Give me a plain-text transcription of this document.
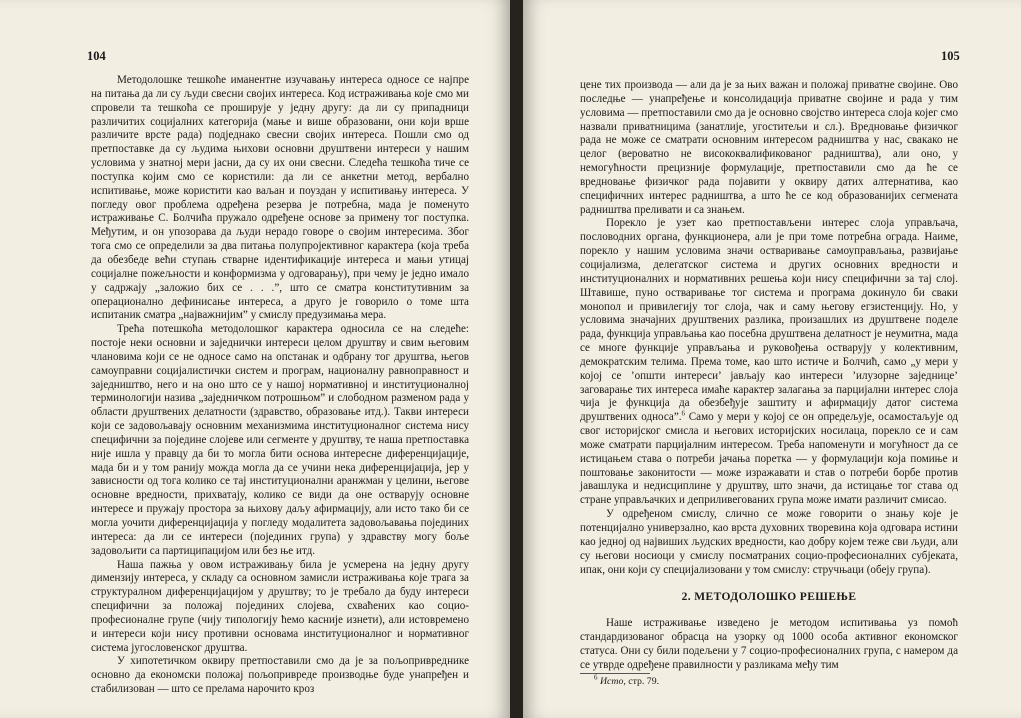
104

Методолошке тешкоће иманентне изучавању интереса односе се најпре на питања да ли су људи свесни својих интереса. Код истраживања које смо ми спровели та тешкоћа се проширује у једну другу: да ли су припадници различитих социјалних категорија (мање и више образовани, они који врше различите врсте рада) подједнако свесни својих интереса. Пошли смо од претпоставке да су људима њихови основни друштвени интереси у нашим условима у знатној мери јасни, да су их они свесни. Следећа тешкоћа тиче се поступка којим смо се користили: да ли се анкетни метод, вербално испитивање, може користити као ваљан и поуздан у испитивању интереса. У погледу овог проблема одређена резерва је потребна, мада је поменуто истраживање С. Болчића пружало одређене основе за примену тог поступка. Међутим, и он упозорава да људи нерадо говоре о својим интересима. Због тога смо се определили за два питања полупројективног карактера (која треба да обезбеде већи ступањ стварне идентификације интереса и мањи утицај социјалне пожељности и конформизма у одговарању), при чему је једно имало у садржају „заложио бих се . . .”, што се сматра конститутивним за операционално дефинисање интереса, а друго је говорило о томе шта испитаник сматра „најважнијим” у смислу предузимања мера.

Трећа потешкоћа методолошког карактера односила се на следеће: постоје неки основни и заједнички интереси целом друштву и свим његовим члановима који се не односе само на опстанак и одбрану тог друштва, његов самоуправни социјалистички систем и програм, националну равноправност и заједништво, него и на оно што се у нашој нормативној и институционалној терминологији назива „заједничком потрошњом” и слободном разменом рада у области друштвених делатности (здравство, образовање итд.). Такви интереси који се задовољавају основним механизмима институционалног система нису специфични за поједине слојеве или сегменте у друштву, те наша претпоставка није ишла у правцу да би то могла бити основа интересне диференцијације, мада би и у том ранију можда могла да се учини нека диференцијација, јер у зависности од тога колико се тај институционални аранжман у целини, његове основне вредности, прихватају, колико се види да оне остварују основне интересе и пружају простора за њихову даљу афирмацију, али исто тако би се могла уочити диференцијација у погледу модалитета задовољавања појединих интереса: да ли се интереси (појединих група) у здравству могу боље задовољити са партиципацијом или без ње итд.

Наша пажња у овом истраживању била је усмерена на једну другу димензију интереса, у складу са основном замисли истраживања које трага за структуралном диференцијацијом у друштву; то је требало да буду интереси специфични за положај појединих слојева, схваћених као социо-професионалне групе (чију типологију ћемо касније изнети), али истовремено и интереси који нису противни основама институционалног и нормативног система југословенског друштва.

У хипотетичком оквиру претпоставили смо да је за пољопривреднике основно да економски положај пољопривреде производње буде унапређен и стабилизован — што се прелама нарочито кроз

105

цене тих производа — али да је за њих важан и положај приватне својине. Ово последње — унапређење и консолидација приватне својине и рада у тим условима — претпоставили смо да је основно својство интереса слоја којег смо назвали приватницима (занатлије, угоститељи и сл.). Вредновање физичког рада не може се сматрати основним интересом радништва у нас, свакако не целог (вероватно не висококвалификованог радништва), али оно, у немогућности прецизније формулације, претпоставили смо да ће се вредновање физичког рада појавити у оквиру датих алтернатива, као специфичних интерес радништва, а што ће се код образованијих сегмената радништва преливати и са знањем.

Порекло је узет као претпостављени интерес слоја управљача, пословодних органа, функционера, али је при томе потребна ограда. Наиме, порекло у нашим условима значи остваривање самоуправљања, развијање социјализма, делегатског система и других основних вредности и институционалних и нормативних решења који нису специфични за тај слој. Штавише, пуно остваривање тог система и програма докинуло би сваки монопол и привилегију тог слоја, чак и саму његову егзистенцију. Но, у условима значајних друштвених разлика, произашлих из друштвене поделе рада, функција управљања као посебна друштвена делатност је неумитна, мада се многе функције управљања и руковођења остварују у колективним, демократским телима. Према томе, као што истиче и Болчић, само „у мери у којој се ’општи интереси’ јављају као интереси ’илузорне заједнице’ заговарање тих интереса имаће карактер залагања за парцијални интерес слоја чија је функција да обезбеђује заштиту и афирмацију датог система друштвених односа”.$^6$ Само у мери у којој се он опредељује, осамостаљује од свог историјског смисла и његових историјских носилаца, порекло се и сам може сматрати парцијалним интересом. Треба напоменути и могућност да се истицањем става о потреби јачања поретка — у формулацији која помиње и поштовање законитости — може изражавати и став о потреби борбе против јавашлука и недисциплине у друштву, што значи, да истицање тог става од стране управљачких и деприливегованих група може имати различит смисао.

У одређеном смислу, слично се може говорити о знању које је потенцијално универзално, као врста духовних творевина која одговара истини као једној од највиших људских вредности, као добру којем теже сви људи, али су његови носиоци у смислу посматраних социо-професионалних субјеката, ипак, они који су специјализовани у том смислу: стручњаци (обеју група).

2. МЕТОДОЛОШКО РЕШЕЊЕ

Наше истраживање изведено је методом испитивања уз помоћ стандардизованог обрасца на узорку од 1000 особа активног економског статуса. Они су били подељени у 7 социо-професионалних група, с намером да се утврде одређене правилности у разликама међу тим

$^6$ Исто, стр. 79.
